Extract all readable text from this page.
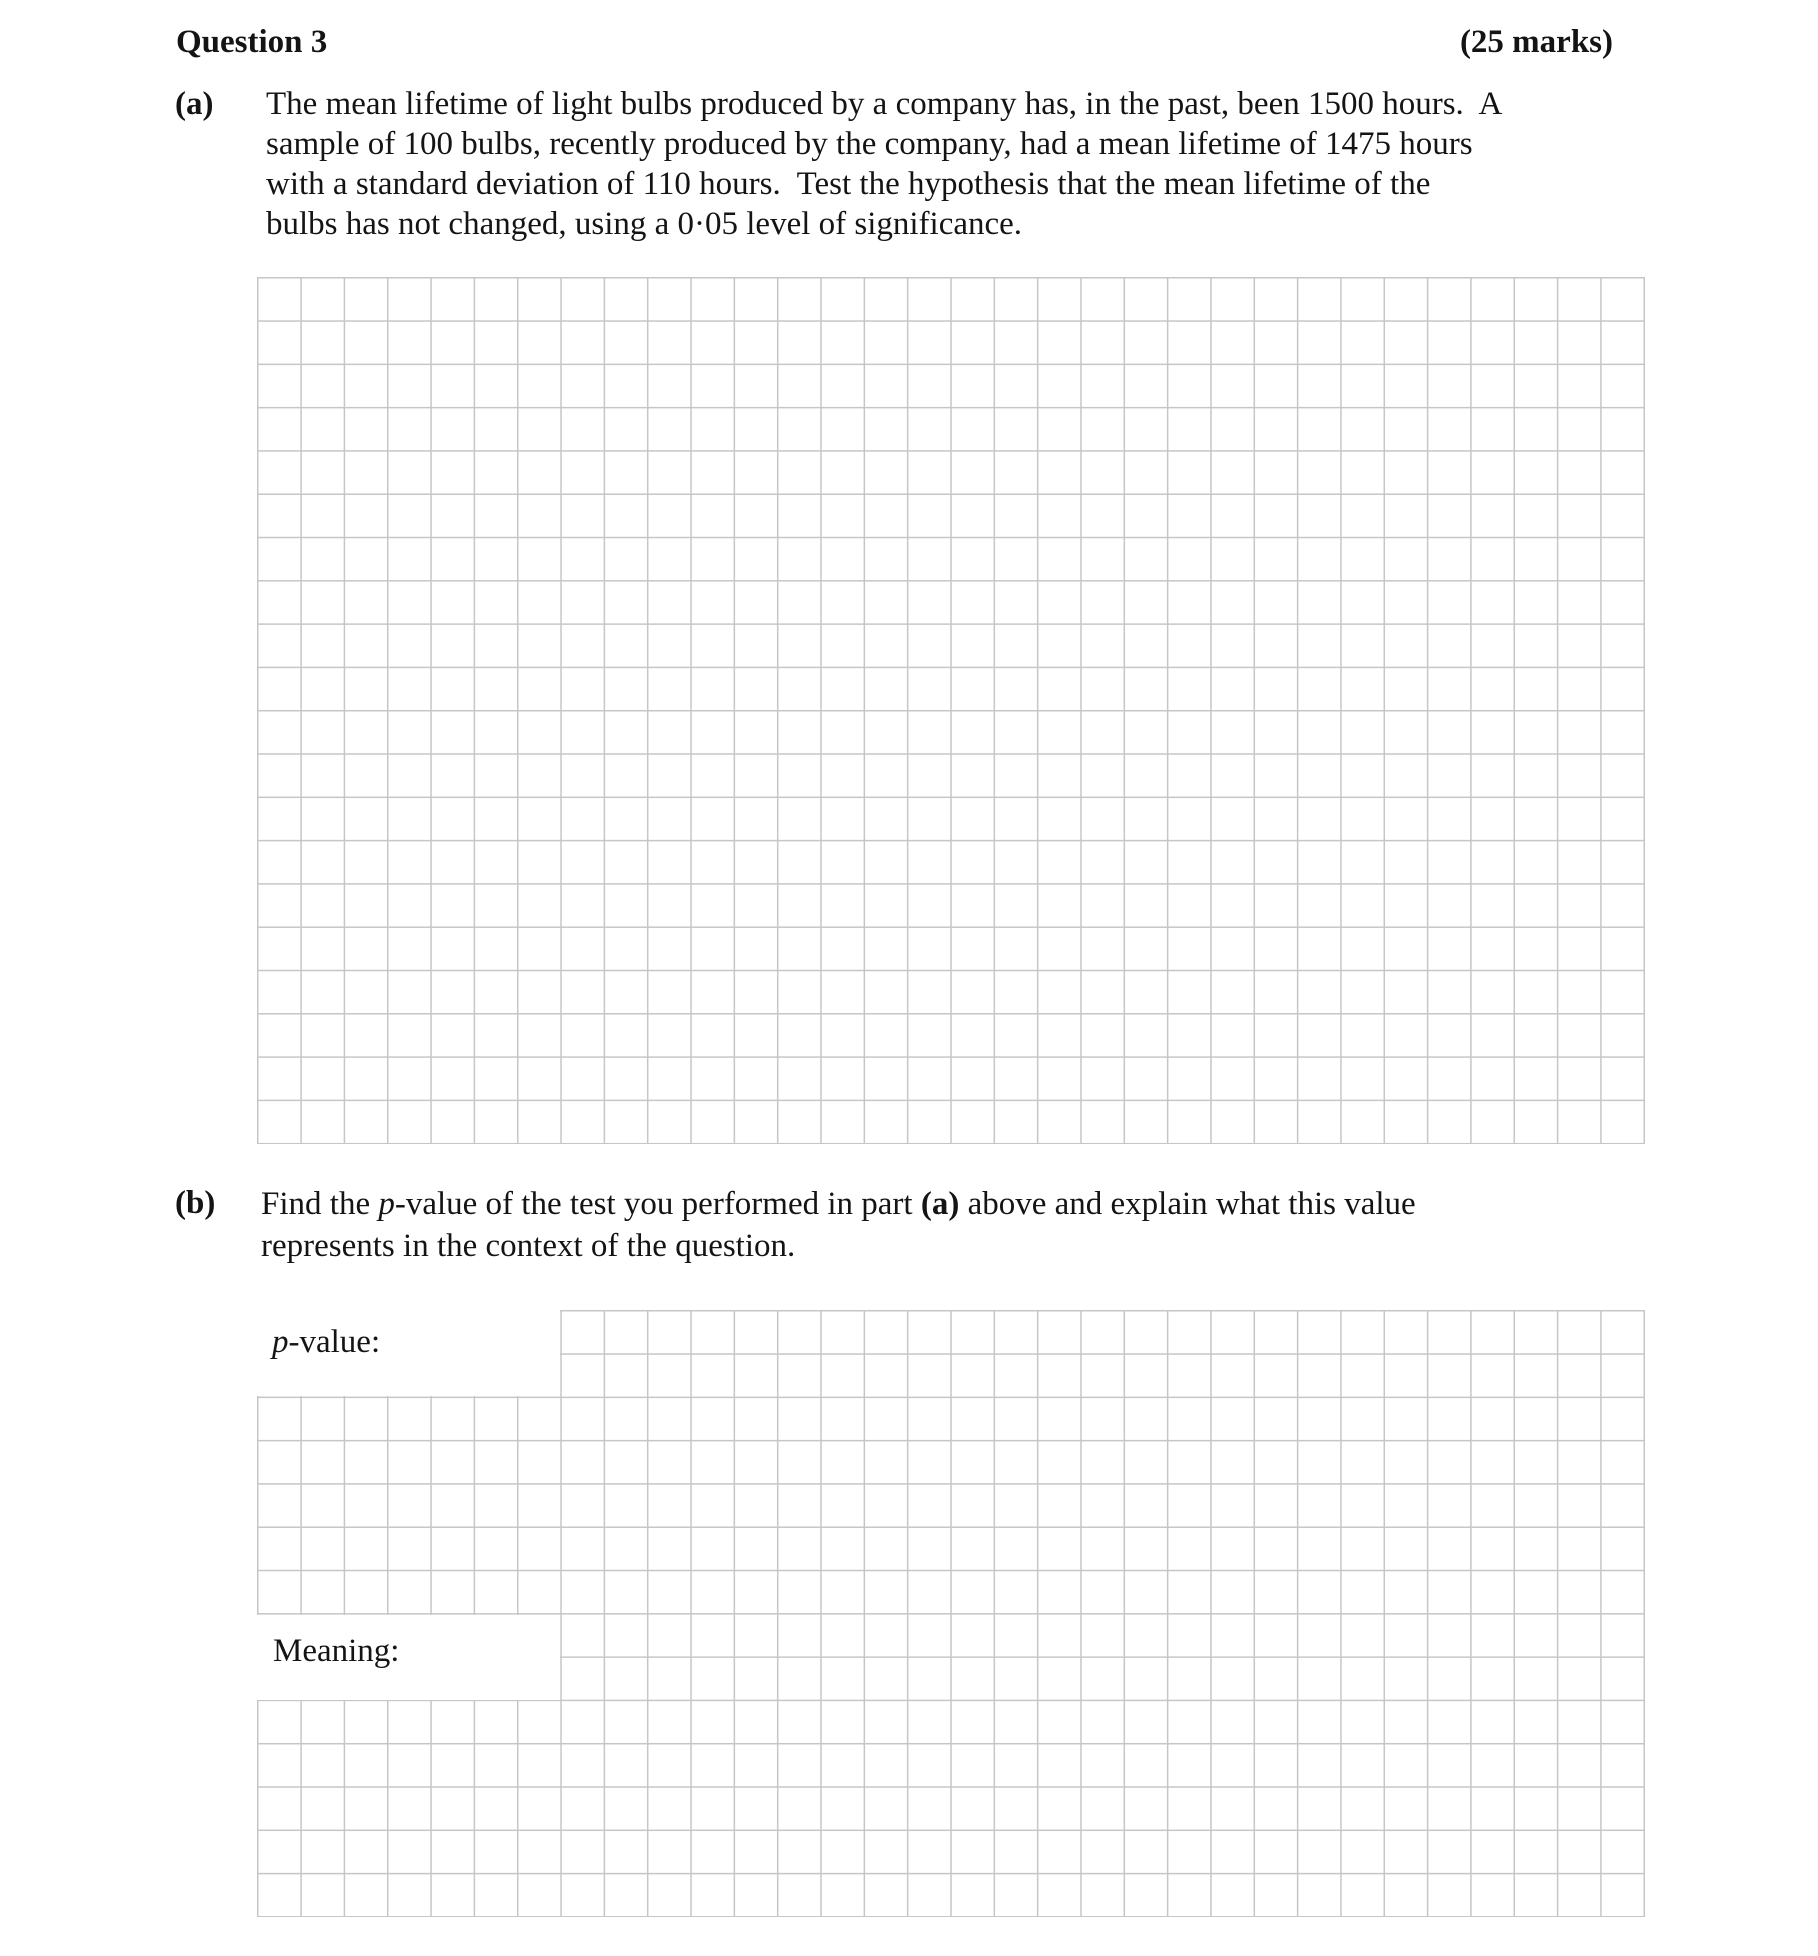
Question 3	(25 marks)
(a) The mean lifetime of light bulbs produced by a company has, in the past, been 1500 hours.  A
sample of 100 bulbs, recently produced by the company, had a mean lifetime of 1475 hours
with a standard deviation of 110 hours.  Test the hypothesis that the mean lifetime of the
bulbs has not changed, using a 0·05 level of significance.
(b) Find the p-value of the test you performed in part (a) above and explain what this value
represents in the context of the question.
p-value:
Meaning:
